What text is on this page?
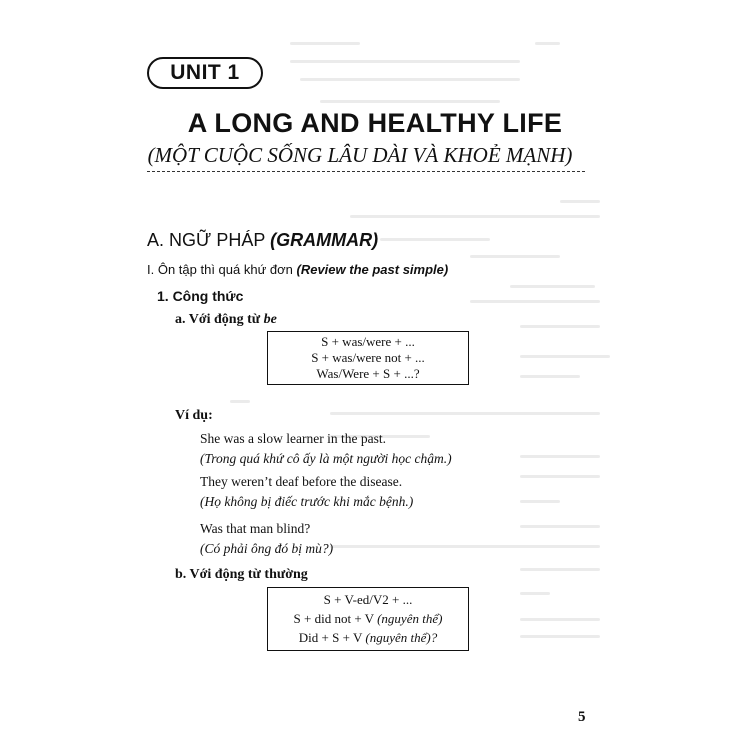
UNIT 1
A LONG AND HEALTHY LIFE
(MỘT CUỘC SỐNG LÂU DÀI VÀ KHOẺ MẠNH)
A. NGỮ PHÁP (GRAMMAR)
I. Ôn tập thì quá khứ đơn (Review the past simple)
1. Công thức
a. Với động từ be
S + was/were + ...
S + was/were not + ...
Was/Were + S + ...?
Ví dụ:
She was a slow learner in the past.
(Trong quá khứ cô ấy là một người học chậm.)
They weren’t deaf before the disease.
(Họ không bị điếc trước khi mắc bệnh.)
Was that man blind?
(Có phải ông đó bị mù?)
b. Với động từ thường
S + V-ed/V2 + ...
S + did not + V (nguyên thể)
Did + S + V (nguyên thể)?
5
